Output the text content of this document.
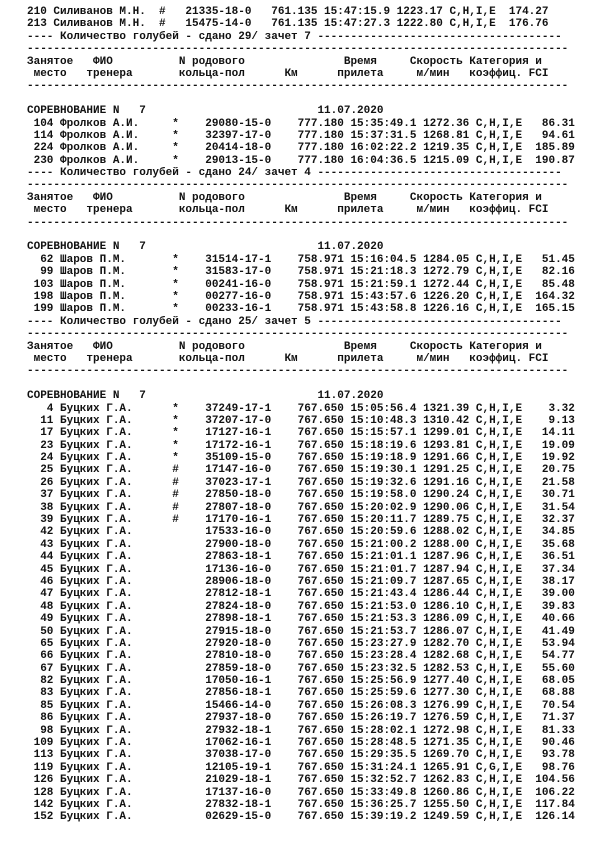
210 Силиванов М.Н.  #   21335-18-0   761.135 15:47:15.9 1223.17 C,H,I,E  174.27
213 Силиванов М.Н.  #   15475-14-0   761.135 15:47:27.3 1222.80 C,H,I,E  176.76
---- Количество голубей - сдано 29/ зачет 7 -------------------------------------
----------------------------------------------------------------------------------
Занятое   ФИО          N родового               Время     Скорость Категория и
место   тренера       кольца-пол      Км      прилета     м/мин   коэффиц. FCI
----------------------------------------------------------------------------------
СОРЕВНОВАНИЕ N   7                          11.07.2020
104 Фролков А.И.     *    29080-15-0    777.180 15:35:49.1 1272.36 C,H,I,E   86.31
114 Фролков А.И.     *    32397-17-0    777.180 15:37:31.5 1268.81 C,H,I,E   94.61
224 Фролков А.И.     *    20414-18-0    777.180 16:02:22.2 1219.35 C,H,I,E  185.89
230 Фролков А.И.     *    29013-15-0    777.180 16:04:36.5 1215.09 C,H,I,E  190.87
---- Количество голубей - сдано 24/ зачет 4 -------------------------------------
----------------------------------------------------------------------------------
Занятое   ФИО          N родового               Время     Скорость Категория и
место   тренера       кольца-пол      Км      прилета     м/мин   коэффиц. FCI
----------------------------------------------------------------------------------
СОРЕВНОВАНИЕ N   7                          11.07.2020
62 Шаров П.М.       *    31514-17-1    758.971 15:16:04.5 1284.05 C,H,I,E   51.45
99 Шаров П.М.       *    31583-17-0    758.971 15:21:18.3 1272.79 C,H,I,E   82.16
103 Шаров П.М.       *    00241-16-0    758.971 15:21:59.1 1272.44 C,H,I,E   85.48
198 Шаров П.М.       *    00277-16-0    758.971 15:43:57.6 1226.20 C,H,I,E  164.32
199 Шаров П.М.       *    00233-16-1    758.971 15:43:58.8 1226.16 C,H,I,E  165.15
---- Количество голубей - сдано 25/ зачет 5 -------------------------------------
----------------------------------------------------------------------------------
Занятое   ФИО          N родового               Время     Скорость Категория и
место   тренера       кольца-пол      Км      прилета     м/мин   коэффиц. FCI
----------------------------------------------------------------------------------
СОРЕВНОВАНИЕ N   7                          11.07.2020
4 Буцких Г.А.      *    37249-17-1    767.650 15:05:56.4 1321.39 C,H,I,E    3.32
11 Буцких Г.А.      *    37207-17-0    767.650 15:10:48.3 1310.42 C,H,I,E    9.13
17 Буцких Г.А.      *    17127-16-1    767.650 15:15:57.1 1299.01 C,H,I,E   14.11
23 Буцких Г.А.      *    17172-16-1    767.650 15:18:19.6 1293.81 C,H,I,E   19.09
24 Буцких Г.А.      *    35109-15-0    767.650 15:19:18.9 1291.66 C,H,I,E   19.92
25 Буцких Г.А.      #    17147-16-0    767.650 15:19:30.1 1291.25 C,H,I,E   20.75
26 Буцких Г.А.      #    37023-17-1    767.650 15:19:32.6 1291.16 C,H,I,E   21.58
37 Буцких Г.А.      #    27850-18-0    767.650 15:19:58.0 1290.24 C,H,I,E   30.71
38 Буцких Г.А.      #    27807-18-0    767.650 15:20:02.9 1290.06 C,H,I,E   31.54
39 Буцких Г.А.      #    17170-16-1    767.650 15:20:11.7 1289.75 C,H,I,E   32.37
42 Буцких Г.А.           17533-16-0    767.650 15:20:59.6 1288.02 C,H,I,E   34.85
43 Буцких Г.А.           27900-18-0    767.650 15:21:00.2 1288.00 C,H,I,E   35.68
44 Буцких Г.А.           27863-18-1    767.650 15:21:01.1 1287.96 C,H,I,E   36.51
45 Буцких Г.А.           17136-16-0    767.650 15:21:01.7 1287.94 C,H,I,E   37.34
46 Буцких Г.А.           28906-18-0    767.650 15:21:09.7 1287.65 C,H,I,E   38.17
47 Буцких Г.А.           27812-18-1    767.650 15:21:43.4 1286.44 C,H,I,E   39.00
48 Буцких Г.А.           27824-18-0    767.650 15:21:53.0 1286.10 C,H,I,E   39.83
49 Буцких Г.А.           27898-18-1    767.650 15:21:53.3 1286.09 C,H,I,E   40.66
50 Буцких Г.А.           27915-18-0    767.650 15:21:53.7 1286.07 C,H,I,E   41.49
65 Буцких Г.А.           27920-18-0    767.650 15:23:27.9 1282.70 C,H,I,E   53.94
66 Буцких Г.А.           27810-18-0    767.650 15:23:28.4 1282.68 C,H,I,E   54.77
67 Буцких Г.А.           27859-18-0    767.650 15:23:32.5 1282.53 C,H,I,E   55.60
82 Буцких Г.А.           17050-16-1    767.650 15:25:56.9 1277.40 C,H,I,E   68.05
83 Буцких Г.А.           27856-18-1    767.650 15:25:59.6 1277.30 C,H,I,E   68.88
85 Буцких Г.А.           15466-14-0    767.650 15:26:08.3 1276.99 C,H,I,E   70.54
86 Буцких Г.А.           27937-18-0    767.650 15:26:19.7 1276.59 C,H,I,E   71.37
98 Буцких Г.А.           27932-18-1    767.650 15:28:02.1 1272.98 C,H,I,E   81.33
109 Буцких Г.А.           17062-16-1    767.650 15:28:48.5 1271.35 C,H,I,E   90.46
113 Буцких Г.А.           37038-17-0    767.650 15:29:35.5 1269.70 C,H,I,E   93.78
119 Буцких Г.А.           12105-19-1    767.650 15:31:24.1 1265.91 C,G,I,E   98.76
126 Буцких Г.А.           21029-18-1    767.650 15:32:52.7 1262.83 C,H,I,E  104.56
128 Буцких Г.А.           17137-16-0    767.650 15:33:49.8 1260.86 C,H,I,E  106.22
142 Буцких Г.А.           27832-18-1    767.650 15:36:25.7 1255.50 C,H,I,E  117.84
152 Буцких Г.А.           02629-15-0    767.650 15:39:19.2 1249.59 C,H,I,E  126.14
